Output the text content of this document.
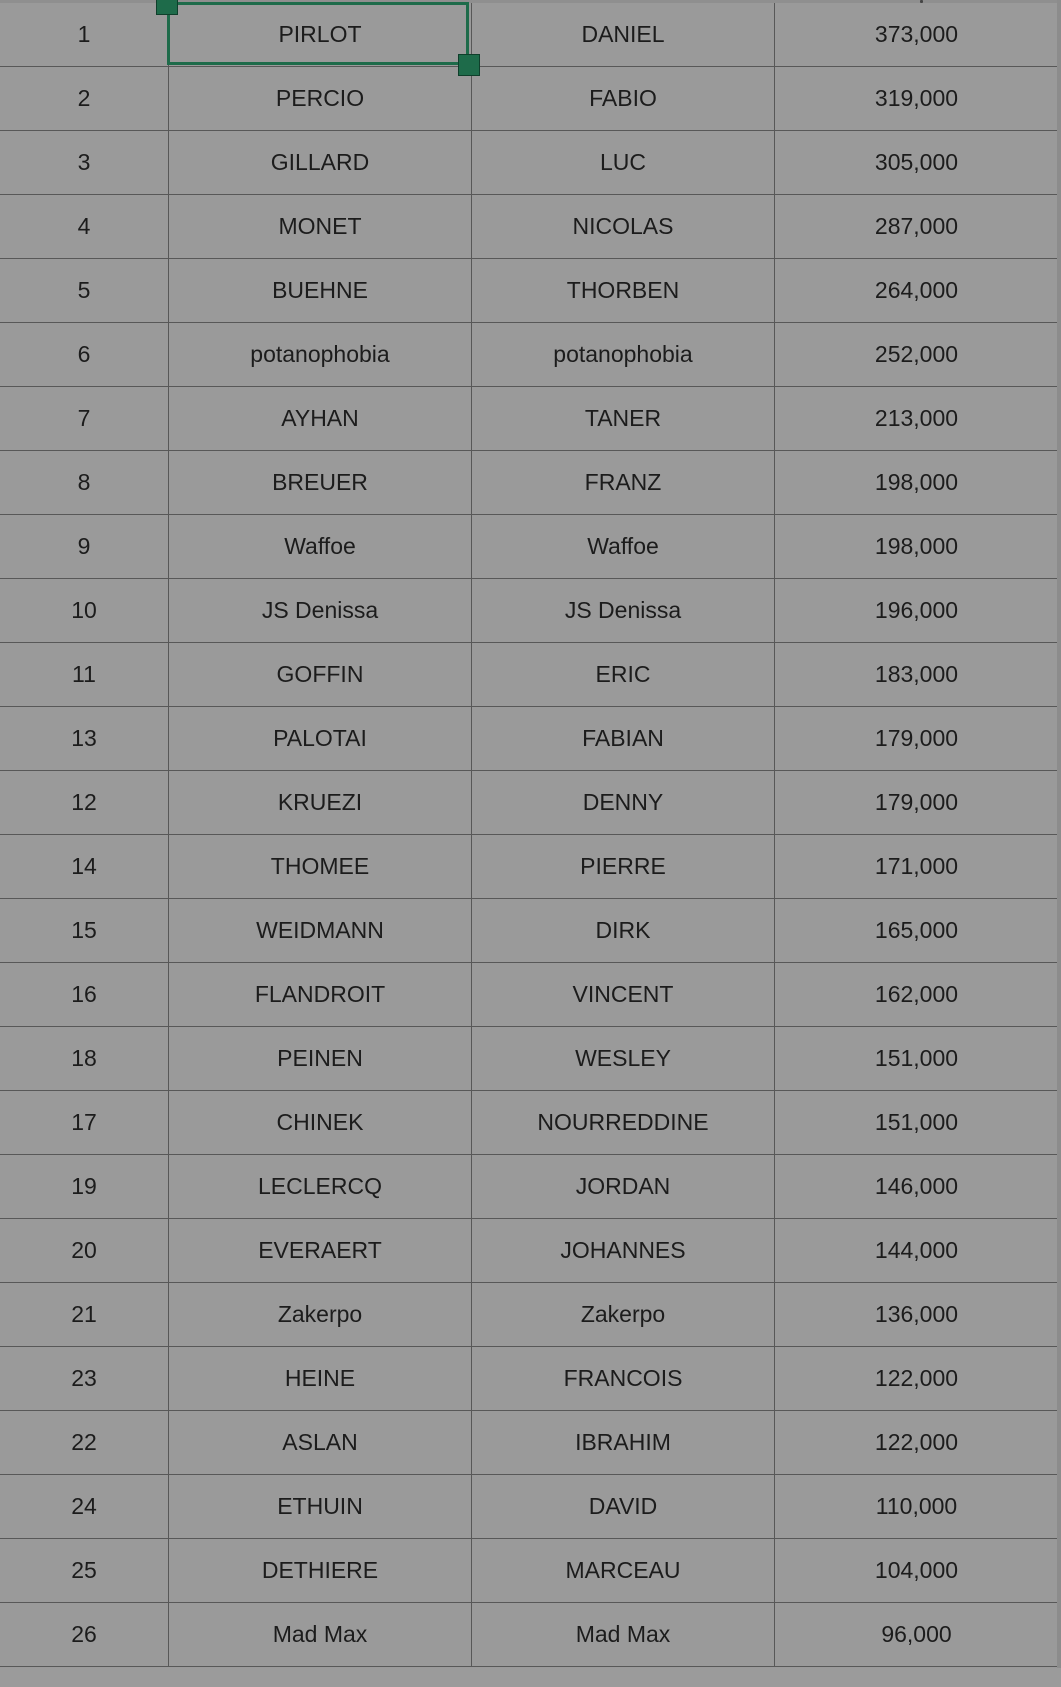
1	PIRLOT	DANIEL	373,000
2	PERCIO	FABIO	319,000
3	GILLARD	LUC	305,000
4	MONET	NICOLAS	287,000
5	BUEHNE	THORBEN	264,000
6	potanophobia	potanophobia	252,000
7	AYHAN	TANER	213,000
8	BREUER	FRANZ	198,000
9	Waffoe	Waffoe	198,000
10	JS Denissa	JS Denissa	196,000
11	GOFFIN	ERIC	183,000
13	PALOTAI	FABIAN	179,000
12	KRUEZI	DENNY	179,000
14	THOMEE	PIERRE	171,000
15	WEIDMANN	DIRK	165,000
16	FLANDROIT	VINCENT	162,000
18	PEINEN	WESLEY	151,000
17	CHINEK	NOURREDDINE	151,000
19	LECLERCQ	JORDAN	146,000
20	EVERAERT	JOHANNES	144,000
21	Zakerpo	Zakerpo	136,000
23	HEINE	FRANCOIS	122,000
22	ASLAN	IBRAHIM	122,000
24	ETHUIN	DAVID	110,000
25	DETHIERE	MARCEAU	104,000
26	Mad Max	Mad Max	96,000
